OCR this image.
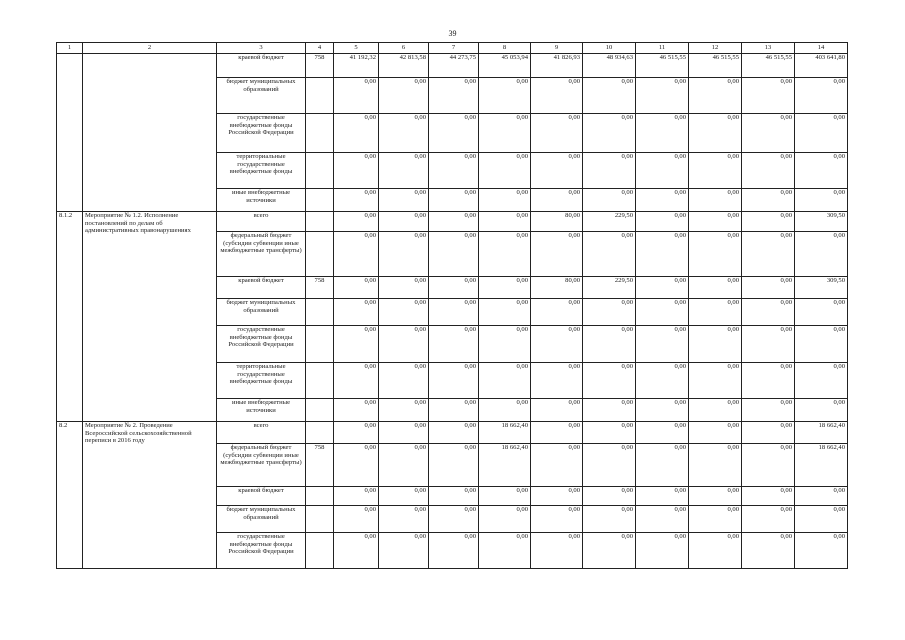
39
1	2	3	4	5	6	7	8	9	10	11	12	13	14
		краевой бюджет	758	41 192,32	42 813,58	44 273,75	45 053,94	41 826,93	48 934,63	46 515,55	46 515,55	46 515,55	403 641,80
		бюджет муниципальных образований		0,00	0,00	0,00	0,00	0,00	0,00	0,00	0,00	0,00	0,00
		государственные внебюджетные фонды Российской Федерации		0,00	0,00	0,00	0,00	0,00	0,00	0,00	0,00	0,00	0,00
		территориальные государственные внебюджетные фонды		0,00	0,00	0,00	0,00	0,00	0,00	0,00	0,00	0,00	0,00
		иные внебюджетные источники		0,00	0,00	0,00	0,00	0,00	0,00	0,00	0,00	0,00	0,00
8.1.2	Мероприятие № 1.2. Исполнение постановлений по делам об административных правонарушениях	всего		0,00	0,00	0,00	0,00	80,00	229,50	0,00	0,00	0,00	309,50
		федеральный бюджет (субсидии субвенции иные межбюджетные трансферты)		0,00	0,00	0,00	0,00	0,00	0,00	0,00	0,00	0,00	0,00
		краевой бюджет	758	0,00	0,00	0,00	0,00	80,00	229,50	0,00	0,00	0,00	309,50
		бюджет муниципальных образований		0,00	0,00	0,00	0,00	0,00	0,00	0,00	0,00	0,00	0,00
		государственные внебюджетные фонды Российской Федерации		0,00	0,00	0,00	0,00	0,00	0,00	0,00	0,00	0,00	0,00
		территориальные государственные внебюджетные фонды		0,00	0,00	0,00	0,00	0,00	0,00	0,00	0,00	0,00	0,00
		иные внебюджетные источники		0,00	0,00	0,00	0,00	0,00	0,00	0,00	0,00	0,00	0,00
8.2	Мероприятие № 2. Проведение Всероссийской сельскохозяйственной переписи в 2016 году	всего		0,00	0,00	0,00	18 662,40	0,00	0,00	0,00	0,00	0,00	18 662,40
		федеральный бюджет (субсидии субвенции иные межбюджетные трансферты)	758	0,00	0,00	0,00	18 662,40	0,00	0,00	0,00	0,00	0,00	18 662,40
		краевой бюджет		0,00	0,00	0,00	0,00	0,00	0,00	0,00	0,00	0,00	0,00
		бюджет муниципальных образований		0,00	0,00	0,00	0,00	0,00	0,00	0,00	0,00	0,00	0,00
		государственные внебюджетные фонды Российской Федерации		0,00	0,00	0,00	0,00	0,00	0,00	0,00	0,00	0,00	0,00
